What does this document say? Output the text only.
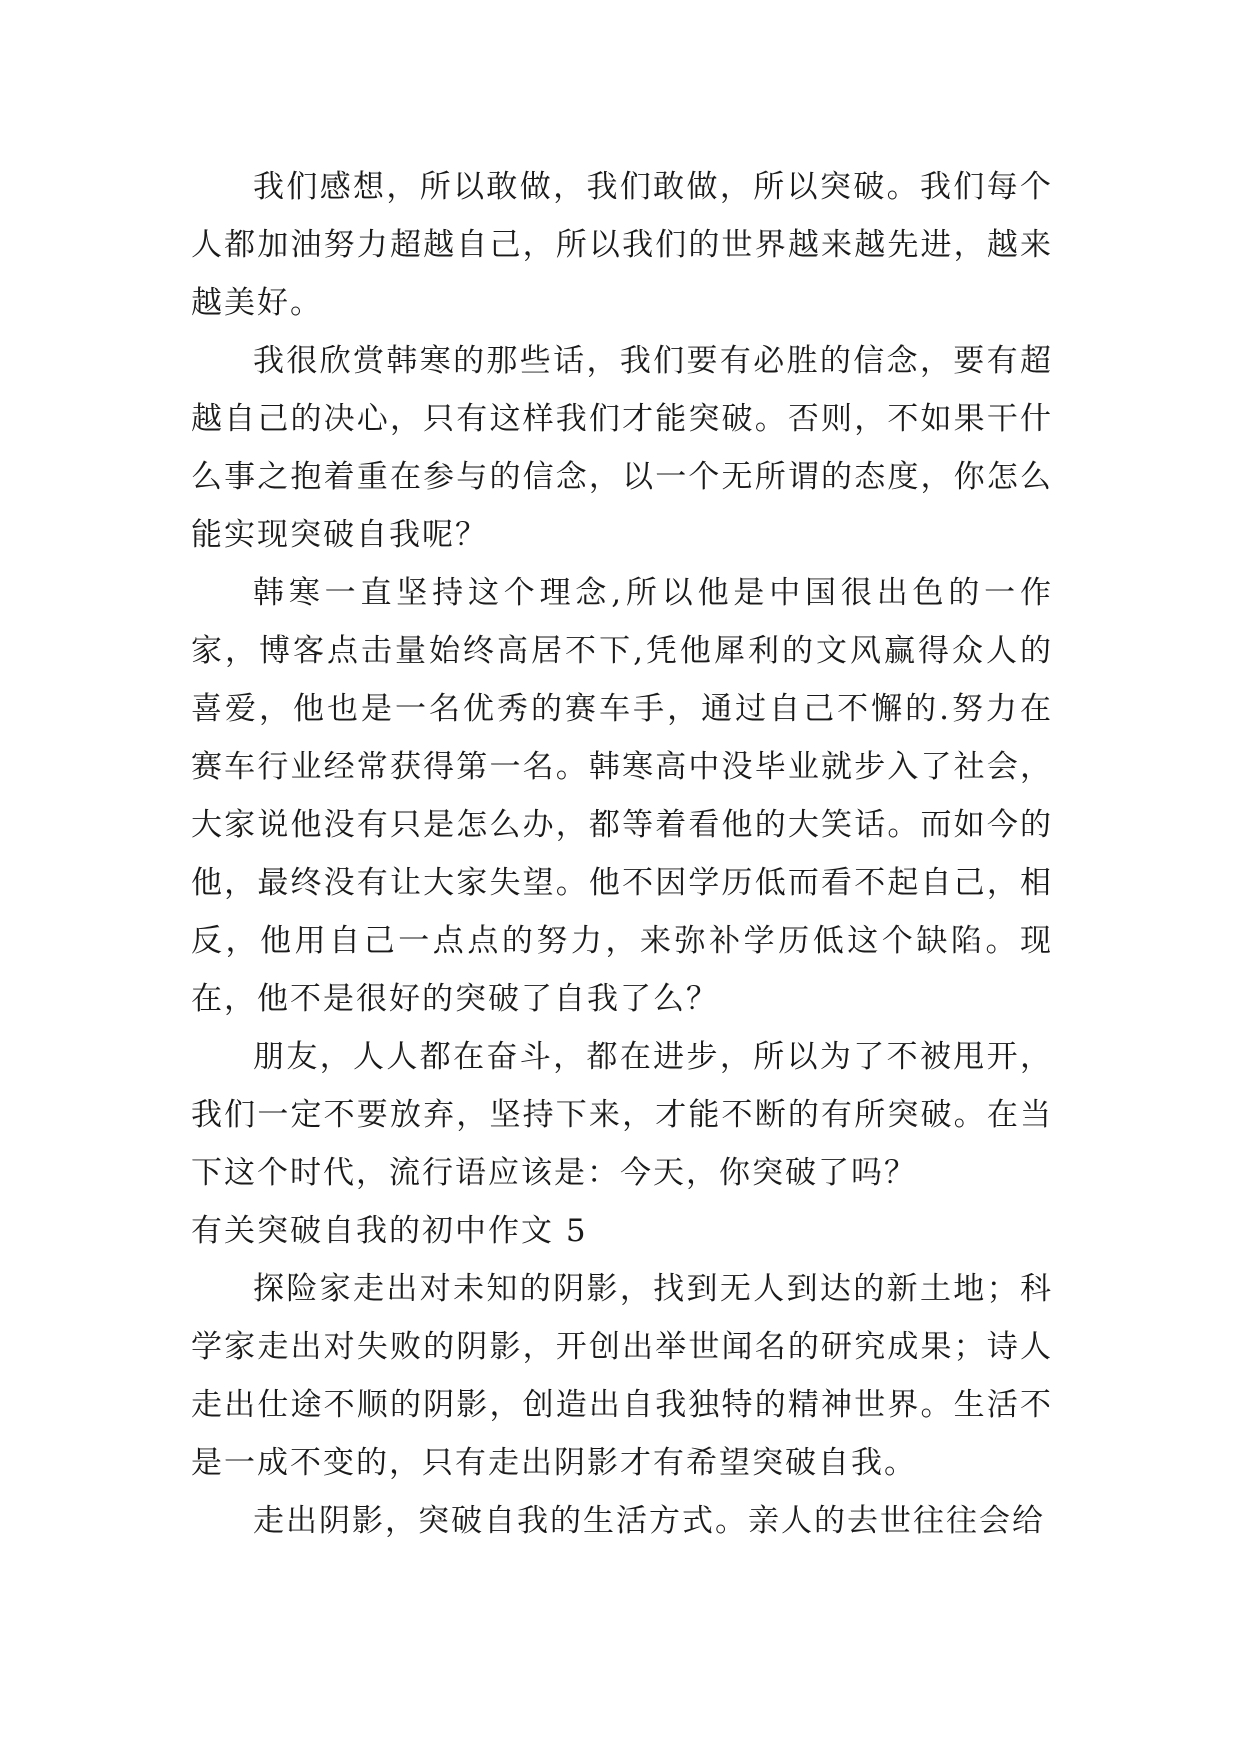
我们感想，所以敢做，我们敢做，所以突破。我们每个人都加油努力超越自己，所以我们的世界越来越先进，越来越美好。

我很欣赏韩寒的那些话，我们要有必胜的信念，要有超越自己的决心，只有这样我们才能突破。否则，不如果干什么事之抱着重在参与的信念，以一个无所谓的态度，你怎么能实现突破自我呢？

韩寒一直坚持这个理念,所以他是中国很出色的一作家，博客点击量始终高居不下,凭他犀利的文风赢得众人的喜爱，他也是一名优秀的赛车手，通过自己不懈的.努力在赛车行业经常获得第一名。韩寒高中没毕业就步入了社会，大家说他没有只是怎么办，都等着看他的大笑话。而如今的他，最终没有让大家失望。他不因学历低而看不起自己，相反，他用自己一点点的努力，来弥补学历低这个缺陷。现在，他不是很好的突破了自我了么？

朋友，人人都在奋斗，都在进步，所以为了不被甩开，我们一定不要放弃，坚持下来，才能不断的有所突破。在当下这个时代，流行语应该是：今天，你突破了吗？

有关突破自我的初中作文 5

探险家走出对未知的阴影，找到无人到达的新土地；科学家走出对失败的阴影，开创出举世闻名的研究成果；诗人走出仕途不顺的阴影，创造出自我独特的精神世界。生活不是一成不变的，只有走出阴影才有希望突破自我。

走出阴影，突破自我的生活方式。亲人的去世往往会给
